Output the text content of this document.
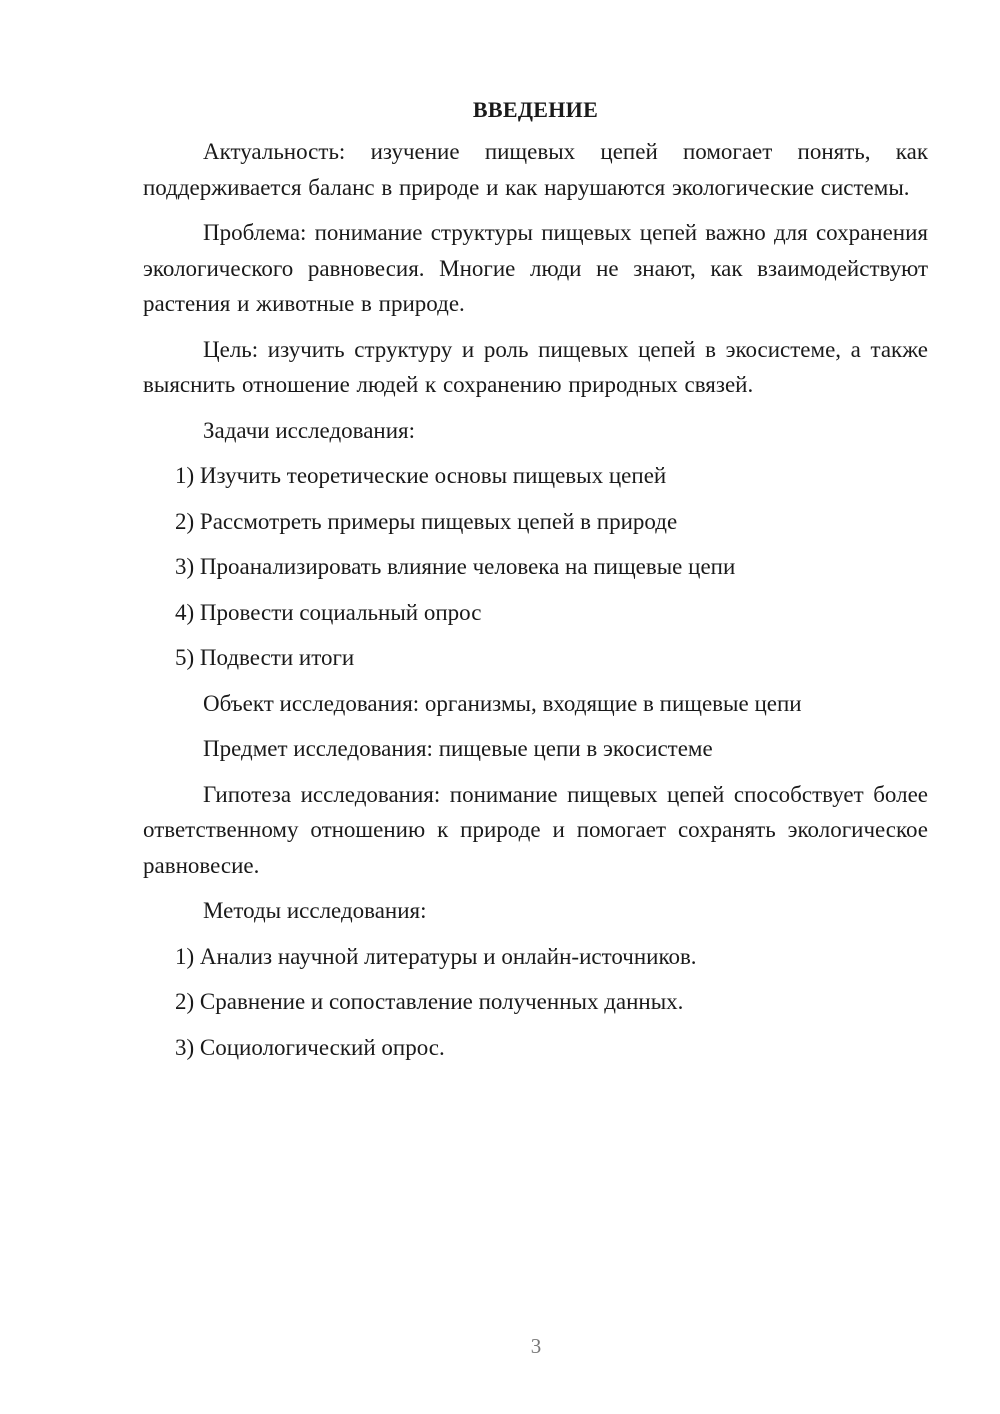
ВВЕДЕНИЕ
Актуальность: изучение пищевых цепей помогает понять, как поддерживается баланс в природе и как нарушаются экологические системы.
Проблема: понимание структуры пищевых цепей важно для сохранения экологического равновесия. Многие люди не знают, как взаимодействуют растения и животные в природе.
Цель: изучить структуру и роль пищевых цепей в экосистеме, а также выяснить отношение людей к сохранению природных связей.
Задачи исследования:
1) Изучить теоретические основы пищевых цепей
2) Рассмотреть примеры пищевых цепей в природе
3) Проанализировать влияние человека на пищевые цепи
4) Провести социальный опрос
5) Подвести итоги
Объект исследования: организмы, входящие в пищевые цепи
Предмет исследования: пищевые цепи в экосистеме
Гипотеза исследования: понимание пищевых цепей способствует более ответственному отношению к природе и помогает сохранять экологическое равновесие.
Методы исследования:
1) Анализ научной литературы и онлайн-источников.
2) Сравнение и сопоставление полученных данных.
3) Социологический опрос.
3
